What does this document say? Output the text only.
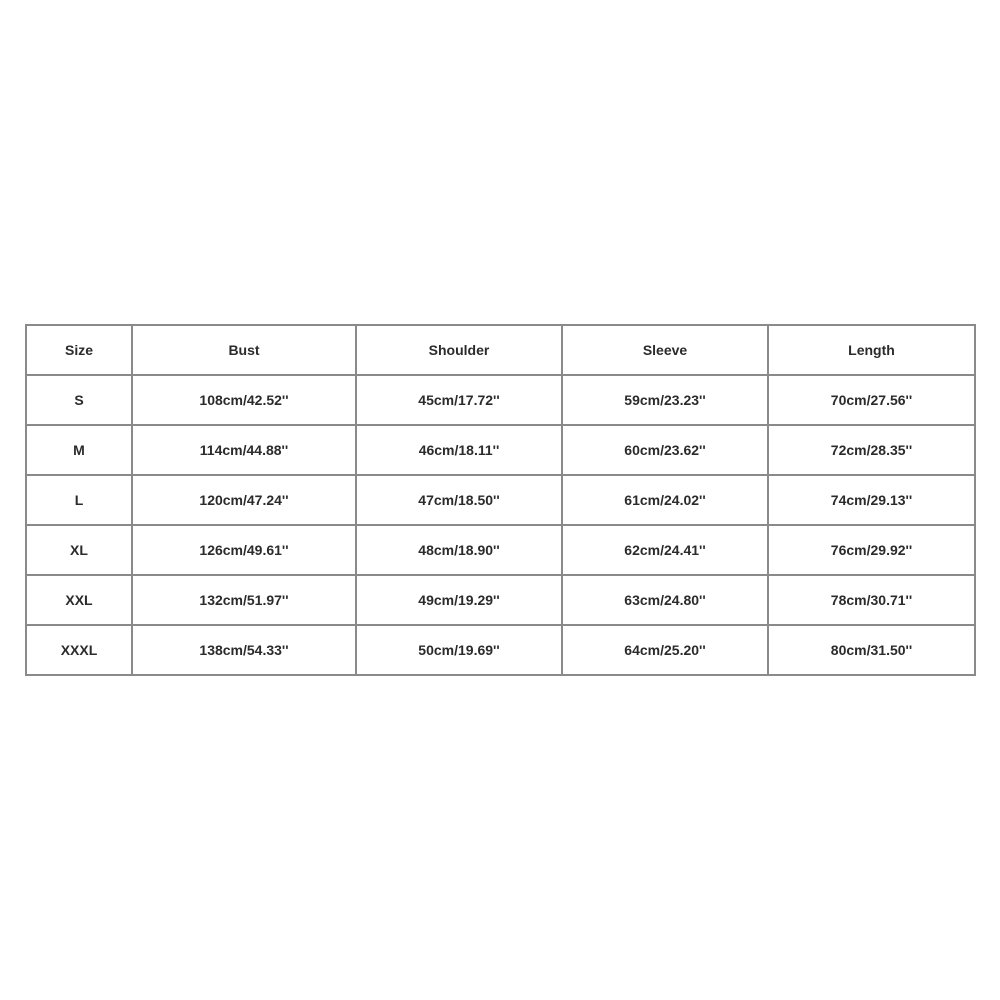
Size	Bust	Shoulder	Sleeve	Length
S	108cm/42.52''	45cm/17.72''	59cm/23.23''	70cm/27.56''
M	114cm/44.88''	46cm/18.11''	60cm/23.62''	72cm/28.35''
L	120cm/47.24''	47cm/18.50''	61cm/24.02''	74cm/29.13''
XL	126cm/49.61''	48cm/18.90''	62cm/24.41''	76cm/29.92''
XXL	132cm/51.97''	49cm/19.29''	63cm/24.80''	78cm/30.71''
XXXL	138cm/54.33''	50cm/19.69''	64cm/25.20''	80cm/31.50''
